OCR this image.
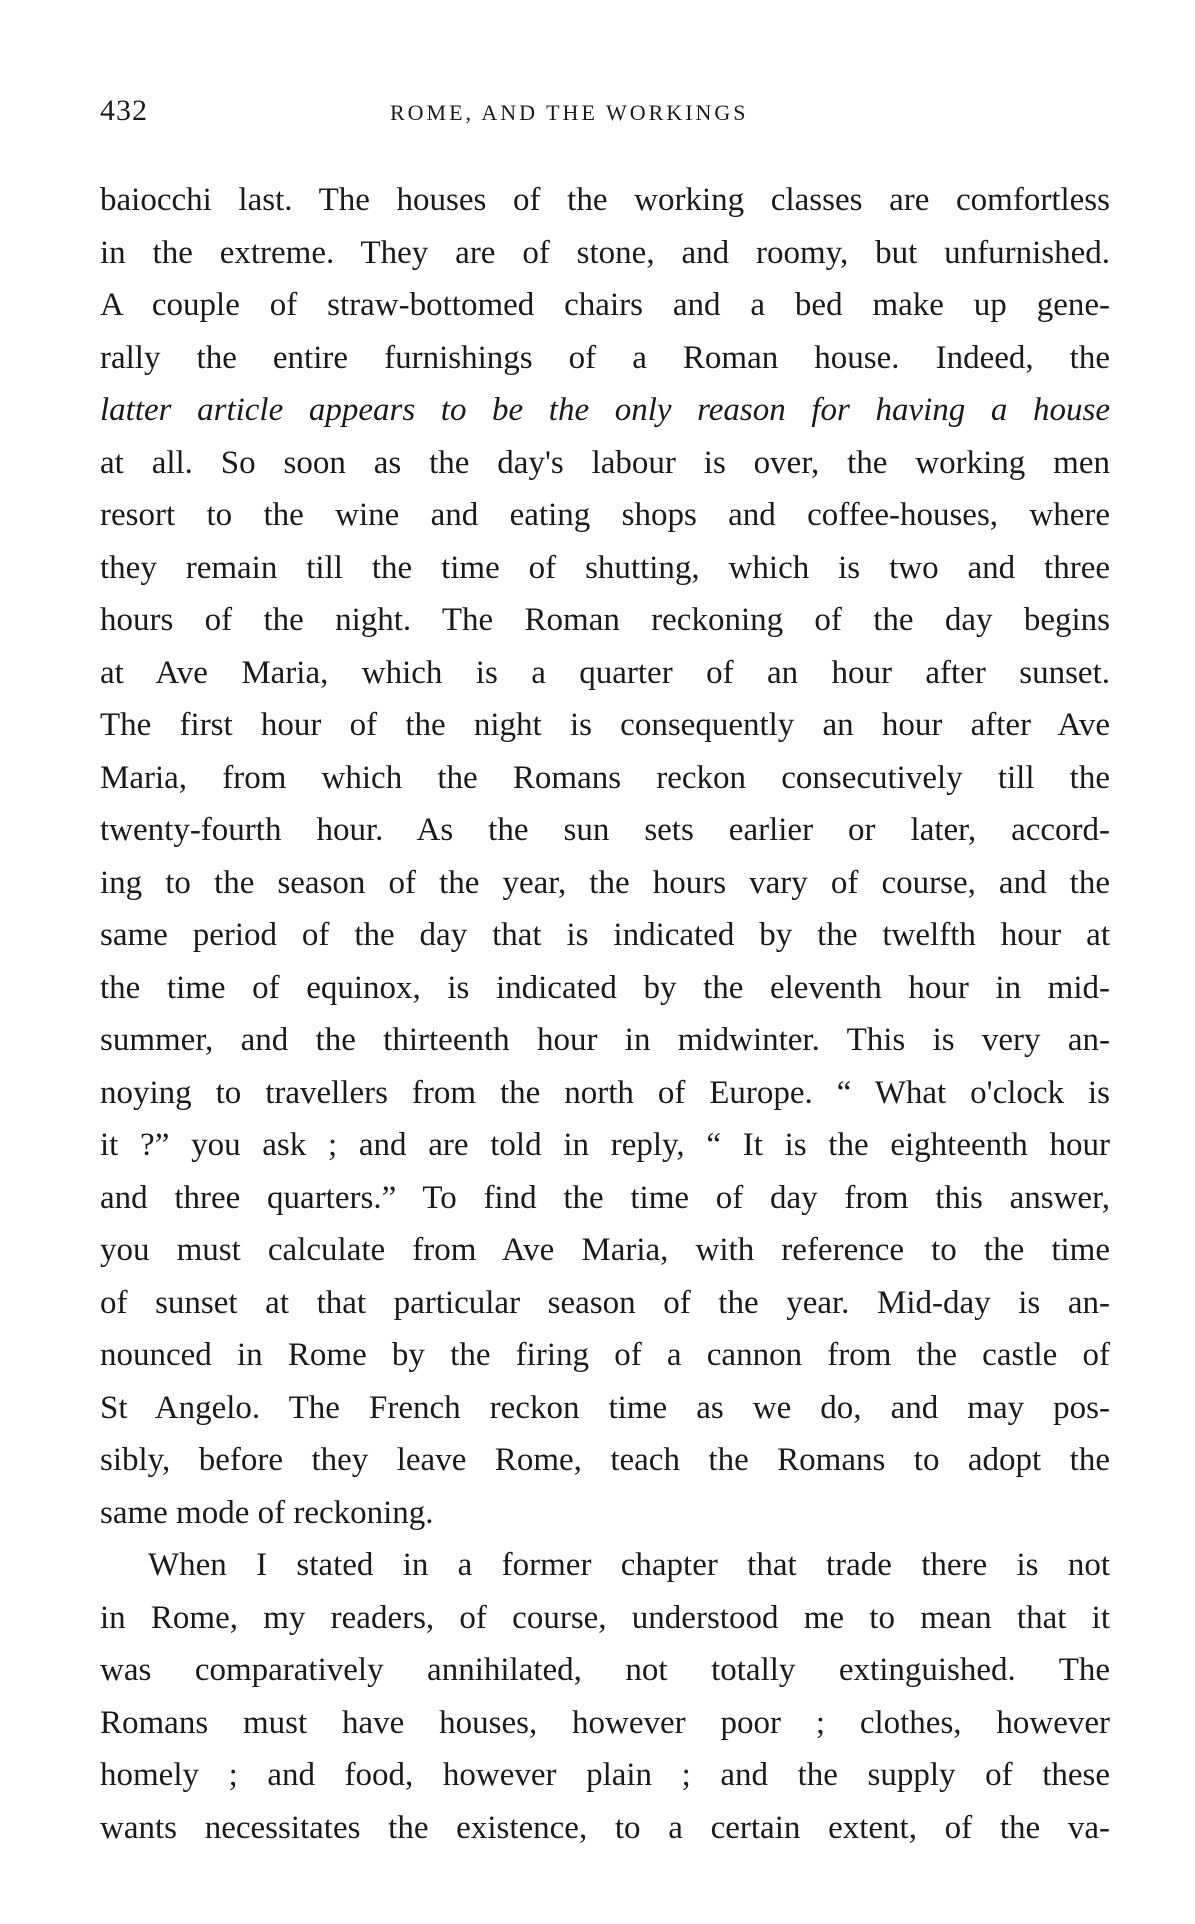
432	ROME, AND THE WORKINGS
baiocchi last. The houses of the working classes are comfortless
in the extreme. They are of stone, and roomy, but unfurnished.
A couple of straw-bottomed chairs and a bed make up gene-
rally the entire furnishings of a Roman house. Indeed, the
latter article appears to be the only reason for having a house
at all. So soon as the day's labour is over, the working men
resort to the wine and eating shops and coffee-houses, where
they remain till the time of shutting, which is two and three
hours of the night. The Roman reckoning of the day begins
at Ave Maria, which is a quarter of an hour after sunset.
The first hour of the night is consequently an hour after Ave
Maria, from which the Romans reckon consecutively till the
twenty-fourth hour. As the sun sets earlier or later, accord-
ing to the season of the year, the hours vary of course, and the
same period of the day that is indicated by the twelfth hour at
the time of equinox, is indicated by the eleventh hour in mid-
summer, and the thirteenth hour in midwinter. This is very an-
noying to travellers from the north of Europe. “ What o'clock is
it ?” you ask ; and are told in reply, “ It is the eighteenth hour
and three quarters.” To find the time of day from this answer,
you must calculate from Ave Maria, with reference to the time
of sunset at that particular season of the year. Mid-day is an-
nounced in Rome by the firing of a cannon from the castle of
St Angelo. The French reckon time as we do, and may pos-
sibly, before they leave Rome, teach the Romans to adopt the
same mode of reckoning.
When I stated in a former chapter that trade there is not
in Rome, my readers, of course, understood me to mean that it
was comparatively annihilated, not totally extinguished. The
Romans must have houses, however poor ; clothes, however
homely ; and food, however plain ; and the supply of these
wants necessitates the existence, to a certain extent, of the va-
